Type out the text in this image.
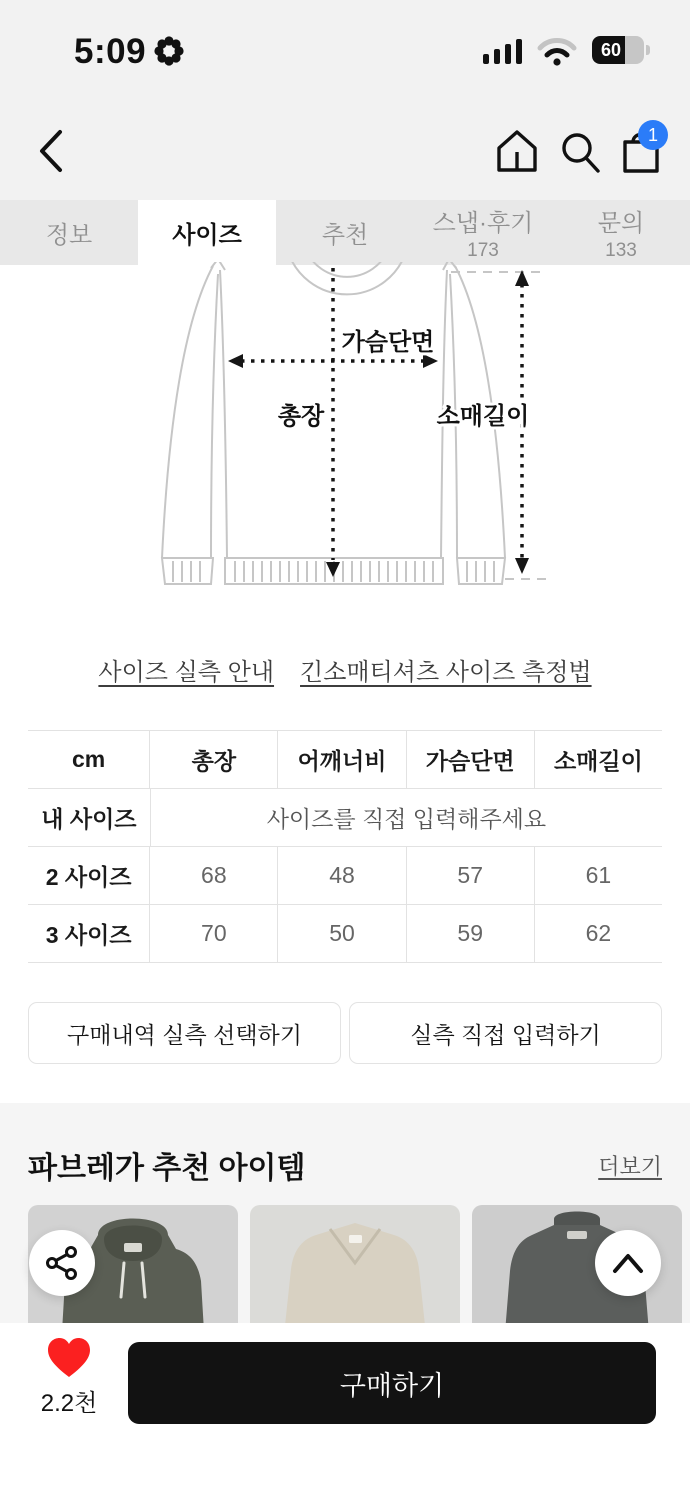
5:09	60
1
정보	사이즈	추천	스냅·후기
173
문의
133
가슴단면
총장	소매길이
사이즈 실측 안내 긴소매티셔츠 사이즈 측정법
cm	총장	어깨너비	가슴단면	소매길이
내 사이즈	사이즈를 직접 입력해주세요
2 사이즈	68	48	57	61
3 사이즈	70	50	59	62
구매내역 실측 선택하기	실측 직접 입력하기
파브레가 추천 아이템	더보기
2.2천
구매하기
